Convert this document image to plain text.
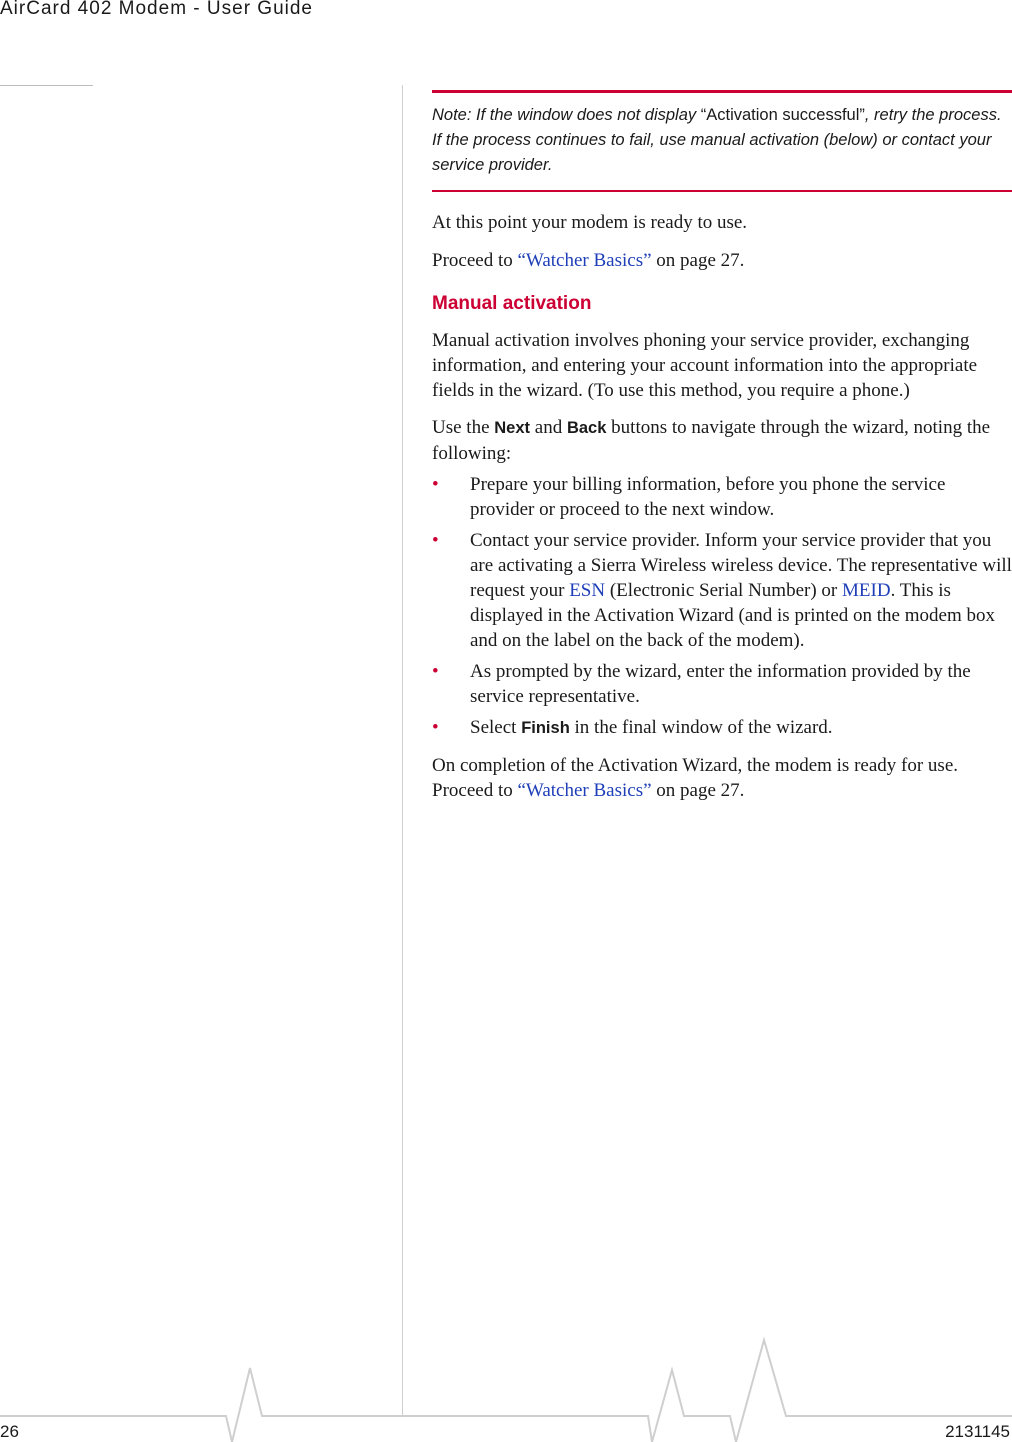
AirCard 402 Modem - User Guide
Note: If the window does not display “Activation successful”, retry the process. If the process continues to fail, use manual activation (below) or contact your service provider.

At this point your modem is ready to use.

Proceed to “Watcher Basics” on page 27.

Manual activation

Manual activation involves phoning your service provider, exchanging information, and entering your account information into the appropriate fields in the wizard. (To use this method, you require a phone.)

Use the Next and Back buttons to navigate through the wizard, noting the following:

• Prepare your billing information, before you phone the service provider or proceed to the next window.
• Contact your service provider. Inform your service provider that you are activating a Sierra Wireless wireless device. The representative will request your ESN (Electronic Serial Number) or MEID. This is displayed in the Activation Wizard (and is printed on the modem box and on the label on the back of the modem).
• As prompted by the wizard, enter the information provided by the service representative.
• Select Finish in the final window of the wizard.

On completion of the Activation Wizard, the modem is ready for use. Proceed to “Watcher Basics” on page 27.

26	2131145
